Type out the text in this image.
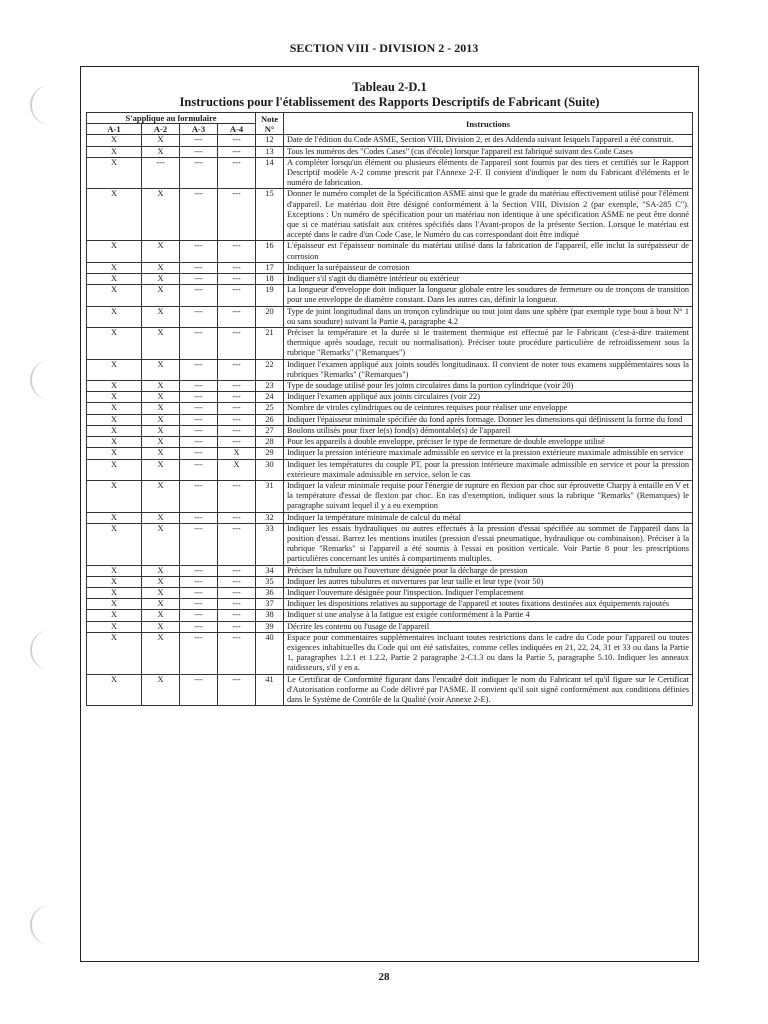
SECTION VIII - DIVISION 2 - 2013
Tableau 2-D.1
Instructions pour l'établissement des Rapports Descriptifs de Fabricant (Suite)
S'applique au formulaire				Note N°	Instructions
A-1	A-2	A-3	A-4		
X	X	---	---	12	Date de l'édition du Code ASME, Section VIII, Division 2, et des Addenda suivant lesquels l'appareil a été construit.
X	X	---	---	13	Tous les numéros des "Codes Cases" (cas d'école) lorsque l'appareil est fabriqué suivant des Code Cases
X	---	---	---	14	A compléter lorsqu'un élément ou plusieurs éléments de l'appareil sont fournis par des tiers et certifiés sur le Rapport Descriptif modèle A-2 comme prescrit par l'Annexe 2-F. Il convient d'indiquer le nom du Fabricant d'éléments et le numéro de fabrication.
X	X	---	---	15	Donner le numéro complet de la Spécification ASME ainsi que le grade du matériau effectivement utilisé pour l'élément d'appareil. Le matériau doit être désigné conformément à la Section VIII, Division 2 (par exemple, "SA-285 C"). Exceptions : Un numéro de spécification pour un matériau non identique à une spécification ASME ne peut être donné que si ce matériau satisfait aux critères spécifiés dans l'Avant-propos de la présente Section. Lorsque le matériau est accepté dans le cadre d'un Code Case, le Numéro du cas correspondant doit être indiqué
X	X	---	---	16	L'épaisseur est l'épaisseur nominale du matériau utilisé dans la fabrication de l'appareil, elle inclut la surépaisseur de corrosion
X	X	---	---	17	Indiquer la surépaisseur de corrosion
X	X	---	---	18	Indiquer s'il s'agit du diamètre intérieur ou extérieur
X	X	---	---	19	La longueur d'enveloppe doit indiquer la longueur globale entre les soudures de fermeture ou de tronçons de transition pour une enveloppe de diamètre constant. Dans les autres cas, définir la longueur.
X	X	---	---	20	Type de joint longitudinal dans un tronçon cylindrique ou tout joint dans une sphère (par exemple type bout à bout N° 1 ou sans soudure) suivant la Partie 4, paragraphe 4.2
X	X	---	---	21	Préciser la température et la durée si le traitement thermique est effectué par le Fabricant (c'est-à-dire traitement thermique après soudage, recuit ou normalisation). Préciser toute procédure particulière de refroidissement sous la rubrique "Remarks" ("Remarques")
X	X	---	---	22	Indiquer l'examen appliqué aux joints soudés longitudinaux. Il convient de noter tous examens supplémentaires sous la rubriques "Remarks" ("Remarques")
X	X	---	---	23	Type de soudage utilisé pour les joints circulaires dans la portion cylindrique (voir 20)
X	X	---	---	24	Indiquer l'examen appliqué aux joints circulaires (voir 22)
X	X	---	---	25	Nombre de viroles cylindriques ou de ceintures requises pour réaliser une enveloppe
X	X	---	---	26	Indiquer l'épaisseur minimale spécifiée du fond après formage. Donner les dimensions qui définissent la forme du fond
X	X	---	---	27	Boulons utilisés pour fixer le(s) fond(s) démontable(s) de l'appareil
X	X	---	---	28	Pour les appareils à double enveloppe, préciser le type de fermeture de double enveloppe utilisé
X	X	---	X	29	Indiquer la pression intérieure maximale admissible en service et la pression extérieure maximale admissible en service
X	X	---	X	30	Indiquer les températures du couple PT, pour la pression intérieure maximale admissible en service et pour la pression extérieure maximale admissible en service, selon le cas
X	X	---	---	31	Indiquer la valeur minimale requise pour l'énergie de rupture en flexion par choc sur éprouvette Charpy à entaille en V et la température d'essai de flexion par choc. En cas d'exemption, indiquer sous la rubrique "Remarks" (Remarques) le paragraphe suivant lequel il y a eu exemption
X	X	---	---	32	Indiquer la température minimale de calcul du métal
X	X	---	---	33	Indiquer les essais hydrauliques ou autres effectués à la pression d'essai spécifiée au sommet de l'appareil dans la position d'essai. Barrez les mentions inutiles (pression d'essai pneumatique, hydraulique ou combinaison). Préciser à la rubrique "Remarks" si l'appareil a été soumis à l'essai en position verticale. Voir Partie 8 pour les prescriptions particulières concernant les unités à compartiments multiples.
X	X	---	---	34	Préciser la tubulure ou l'ouverture désignée pour la décharge de pression
X	X	---	---	35	Indiquer les autres tubulures et ouvertures par leur taille et leur type (voir 50)
X	X	---	---	36	Indiquer l'ouverture désignée pour l'inspection. Indiquer l'emplacement
X	X	---	---	37	Indiquer les dispositions relatives au supportage de l'appareil et toutes fixations destinées aux équipements rajoutés
X	X	---	---	38	Indiquer si une analyse à la fatigue est exigée conformément à la Partie 4
X	X	---	---	39	Décrire les contenu ou l'usage de l'appareil
X	X	---	---	40	Espace pour commentaires supplémentaires incluant toutes restrictions dans le cadre du Code pour l'appareil ou toutes exigences inhabituelles du Code qui ont été satisfaites, comme celles indiquées en 21, 22, 24, 31 et 33 ou dans la Partie 1, paragraphes 1.2.1 et 1.2.2, Partie 2 paragraphe 2-C1.3 ou dans la Partie 5, paragraphe 5.10. Indiquer les anneaux raidisseurs, s'il y en a.
X	X	---	---	41	Le Certificat de Conformité figurant dans l'encadré doit indiquer le nom du Fabricant tel qu'il figure sur le Certificat d'Autorisation conforme au Code délivré par l'ASME. Il convient qu'il soit signé conformément aux conditions définies dans le Système de Contrôle de la Qualité (voir Annexe 2-E).
28
